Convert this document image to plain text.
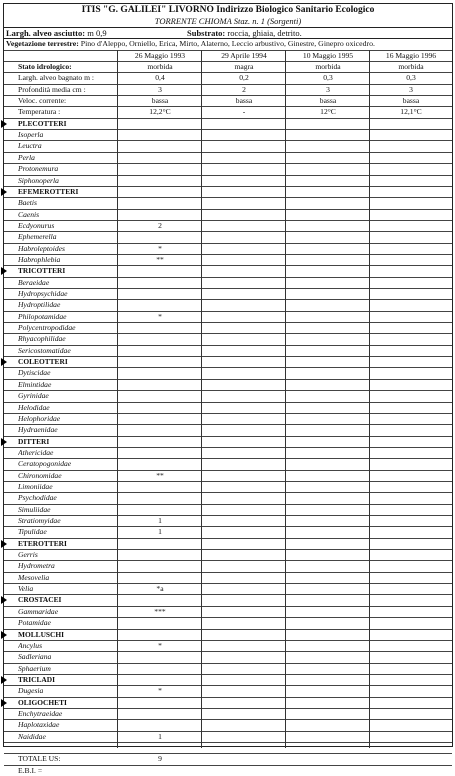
ITIS "G. GALILEI" LIVORNO Indirizzo Biologico Sanitario Ecologico
TORRENTE CHIOMA Staz. n. 1 (Sorgenti)
Largh. alveo asciutto: m 0,9	Substrato: roccia, ghiaia, detrito.
Vegetazione terrestre: Pino d'Aleppo, Orniello, Erica, Mirto, Alaterno, Leccio arbustivo, Ginestre, Ginepro oxicedro.
26 Maggio 1993	29 Aprile 1994	10 Maggio 1995	16 Maggio 1996
Stato idrologico:	morbida	magra	morbida	morbida
Largh. alveo bagnato m :	0,4	0,2	0,3	0,3
Profondità media cm :	3	2	3	3
Veloc. corrente:	bassa	bassa	bassa	bassa
Temperatura :	12,2°C	-	12°C	12,1°C
PLECOTTERI
Isoperla
Leuctra
Perla
Protonemura
Siphonoperla
EFEMEROTTERI
Baetis
Caenis
Ecdyonurus	2
Ephemerella
Habroleptoides	*
Habrophlebia	**
TRICOTTERI
Beraeidae
Hydropsychidae
Hydroptilidae
Philopotamidae	*
Polycentropodidae
Rhyacophilidae
Sericostomatidae
COLEOTTERI
Dytiscidae
Elmintidae
Gyrinidae
Helodidae
Helophoridae
Hydraenidae
DITTERI
Athericidae
Ceratopogonidae
Chironomidae	**
Limoniidae
Psychodidae
Simuliidae
Stratiomyidae	1
Tipulidae	1
ETEROTTERI
Gerris
Hydrometra
Mesovelia
Velia	*a
CROSTACEI
Gammaridae	***
Potamidae
MOLLUSCHI
Ancylus	*
Sadleriana
Sphaerium
TRICLADI
Dugesia	*
OLIGOCHETI
Enchytraeidae
Haplotaxidae
Naididae	1
TOTALE US:	9
E.B.I. =
